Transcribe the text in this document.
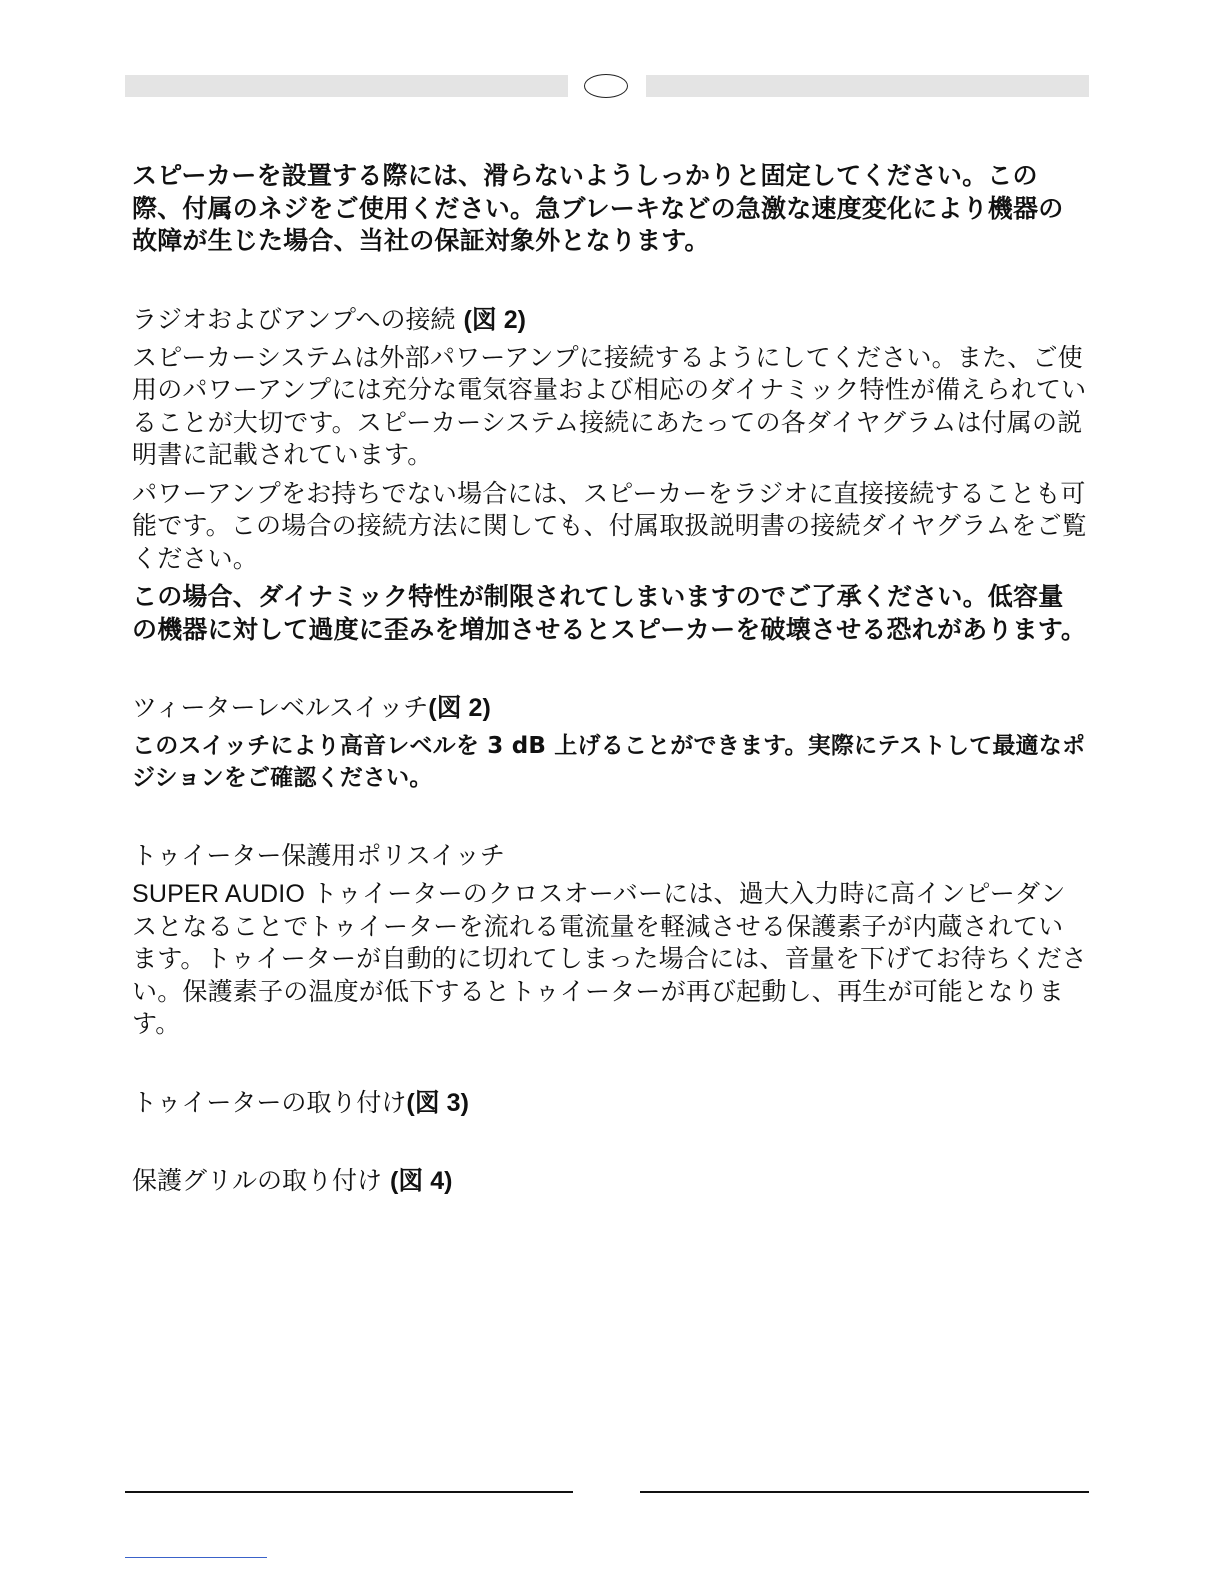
スピーカーを設置する際には、滑らないようしっかりと固定してください。この際、付属のネジをご使用ください。急ブレーキなどの急激な速度変化により機器の故障が生じた場合、当社の保証対象外となります。

ラジオおよびアンプへの接続 (図 2)

スピーカーシステムは外部パワーアンプに接続するようにしてください。また、ご使用のパワーアンプには充分な電気容量および相応のダイナミック特性が備えられていることが大切です。スピーカーシステム接続にあたっての各ダイヤグラムは付属の説明書に記載されています。

パワーアンプをお持ちでない場合には、スピーカーをラジオに直接接続することも可能です。この場合の接続方法に関しても、付属取扱説明書の接続ダイヤグラムをご覧ください。

この場合、ダイナミック特性が制限されてしまいますのでご了承ください。低容量の機器に対して過度に歪みを増加させるとスピーカーを破壊させる恐れがあります。

ツィーターレベルスイッチ(図 2)

このスイッチにより高音レベルを 3 dB 上げることができます。実際にテストして最適なポジションをご確認ください。

トゥイーター保護用ポリスイッチ

SUPER AUDIO トゥイーターのクロスオーバーには、過大入力時に高インピーダンスとなることでトゥイーターを流れる電流量を軽減させる保護素子が内蔵されています。トゥイーターが自動的に切れてしまった場合には、音量を下げてお待ちください。保護素子の温度が低下するとトゥイーターが再び起動し、再生が可能となります。

トゥイーターの取り付け(図 3)

保護グリルの取り付け (図 4)
